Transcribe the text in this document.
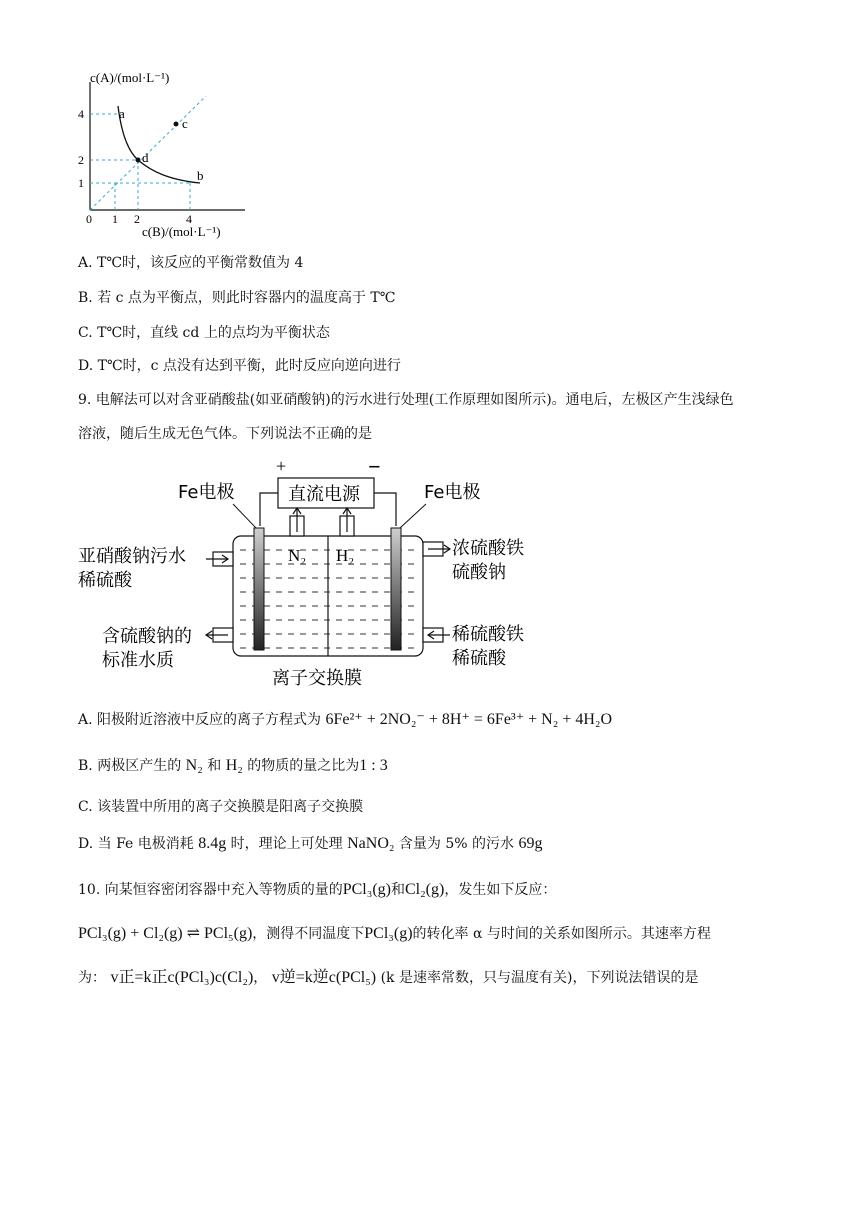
c(A)/(mol·L⁻¹)
c(B)/(mol·L⁻¹)
4
2
1
0 1 2	4
a
b
c
d
A. T℃时，该反应的平衡常数值为 4
B. 若 c 点为平衡点，则此时容器内的温度高于 T℃
C. T℃时，直线 cd 上的点均为平衡状态
D. T℃时，c 点没有达到平衡，此时反应向逆向进行
9. 电解法可以对含亚硝酸盐(如亚硝酸钠)的污水进行处理(工作原理如图所示)。通电后，左极区产生浅绿色
溶液，随后生成无色气体。下列说法不正确的是
直流电源
+	−
Fe电极	Fe电极
N₂ H₂
亚硝酸钠污水
稀硫酸
含硫酸钠的
标准水质
浓硫酸铁
硫酸钠
稀硫酸铁
稀硫酸
离子交换膜
A. 阳极附近溶液中反应的离子方程式为 6Fe²⁺ + 2NO₂⁻ + 8H⁺ = 6Fe³⁺ + N₂ + 4H₂O
B. 两极区产生的 N₂ 和 H₂ 的物质的量之比为1 : 3
C. 该装置中所用的离子交换膜是阳离子交换膜
D. 当 Fe 电极消耗 8.4g 时，理论上可处理 NaNO₂ 含量为 5% 的污水 69g
10. 向某恒容密闭容器中充入等物质的量的PCl₃(g)和Cl₂(g)，发生如下反应：
PCl₃(g) + Cl₂(g) ⇌ PCl₅(g)，测得不同温度下PCl₃(g)的转化率 α 与时间的关系如图所示。其速率方程
为： v正=k正c(PCl₃)c(Cl₂)， v逆=k逆c(PCl₅) (k 是速率常数，只与温度有关)，下列说法错误的是
